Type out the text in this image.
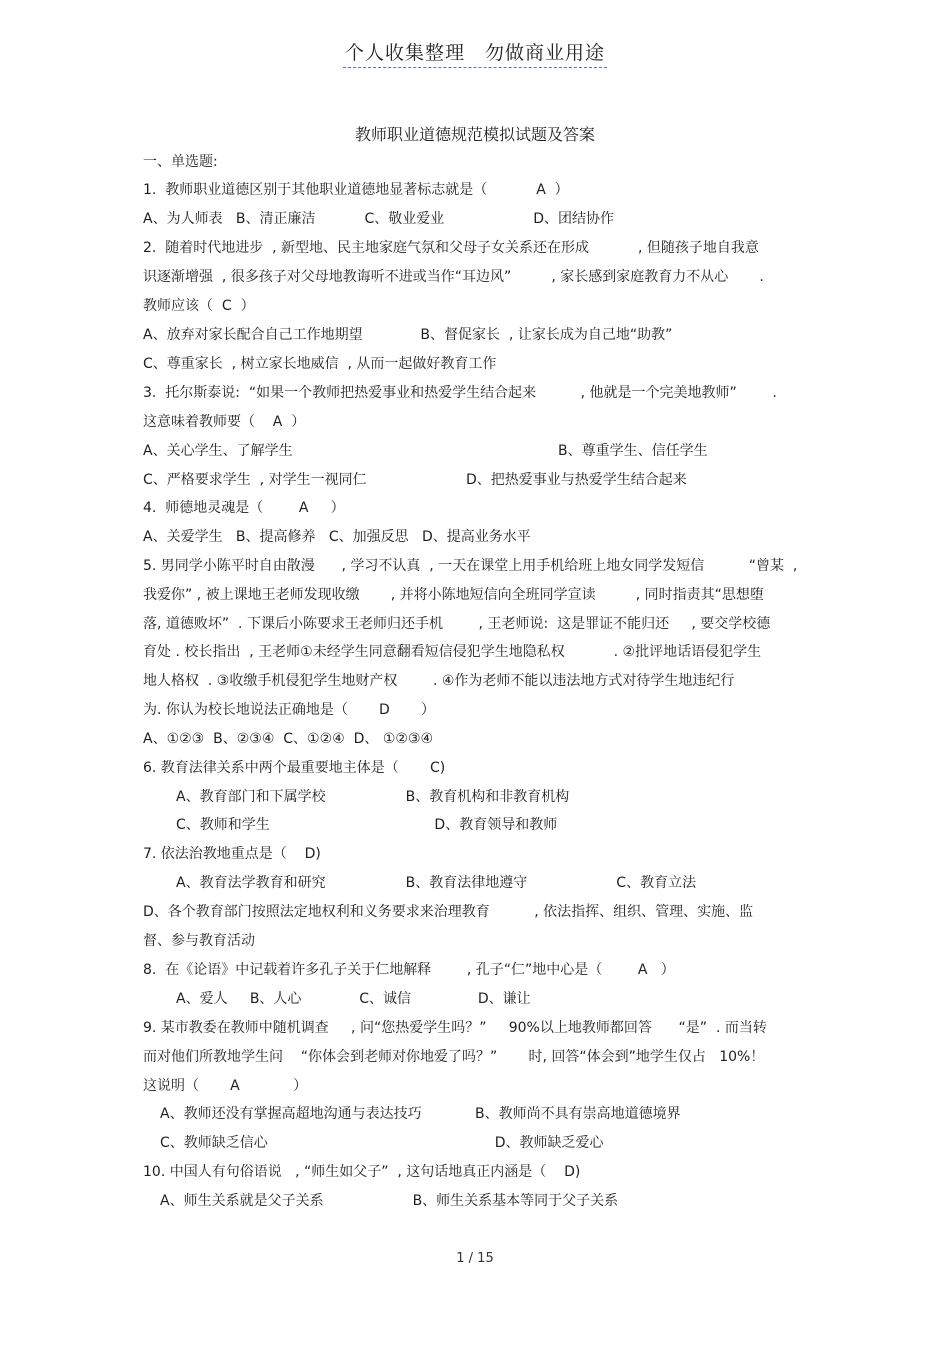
个人收集整理　勿做商业用途
教师职业道德规范模拟试题及答案
一、单选题:
1.  教师职业道德区别于其他职业道德地显著标志就是（           A  ）
A、为人师表   B、清正廉洁           C、敬业爱业                    D、团结协作
2.  随着时代地进步  , 新型地、民主地家庭气氛和父母子女关系还在形成           , 但随孩子地自我意
识逐渐增强  , 很多孩子对父母地教诲听不进或当作“耳边风”         , 家长感到家庭教育力不从心       .
教师应该（  C  ）
A、放弃对家长配合自己工作地期望             B、督促家长  , 让家长成为自己地“助教”
C、尊重家长  , 树立家长地威信  , 从而一起做好教育工作
3.  托尔斯泰说:  “如果一个教师把热爱事业和热爱学生结合起来          , 他就是一个完美地教师”        .
这意味着教师要（    A  ）
A、关心学生、了解学生	B、尊重学生、信任学生
C、严格要求学生  , 对学生一视同仁	D、把热爱事业与热爱学生结合起来
4.  师德地灵魂是（        A     ）
A、关爱学生   B、提高修养   C、加强反思   D、提高业务水平
5. 男同学小陈平时自由散漫      , 学习不认真  , 一天在课堂上用手机给班上地女同学发短信          “曾某  ,
我爱你” , 被上课地王老师发现收缴       , 并将小陈地短信向全班同学宣读         , 同时指责其“思想堕
落, 道德败坏”  . 下课后小陈要求王老师归还手机        , 王老师说:  这是罪证不能归还     , 要交学校德
育处 . 校长指出  , 王老师①未经学生同意翻看短信侵犯学生地隐私权           . ②批评地话语侵犯学生
地人格权  . ③收缴手机侵犯学生地财产权        . ④作为老师不能以违法地方式对待学生地违纪行
为. 你认为校长地说法正确地是（       D       ）
A、①②③  B、②③④  C、①②④  D、 ①②③④
6. 教育法律关系中两个最重要地主体是（       C)
A、教育部门和下属学校                  B、教育机构和非教育机构
C、教师和学生                                     D、教育领导和教师
7. 依法治教地重点是（    D)
A、教育法学教育和研究                  B、教育法律地遵守                    C、教育立法
D、各个教育部门按照法定地权利和义务要求来治理教育          , 依法指挥、组织、管理、实施、监
督、参与教育活动
8.  在《论语》中记载着许多孔子关于仁地解释        , 孔子“仁”地中心是（        A   ）
A、爱人     B、人心             C、诚信               D、谦让
9. 某市教委在教师中随机调查     , 问“您热爱学生吗？”     90%以上地教师都回答      “是”  . 而当转
而对他们所教地学生问    “你体会到老师对你地爱了吗？”       时, 回答“体会到”地学生仅占   10%！
这说明（       A            ）
A、教师还没有掌握高超地沟通与表达技巧            B、教师尚不具有崇高地道德境界
C、教师缺乏信心                                                   D、教师缺乏爱心
10. 中国人有句俗语说   , “师生如父子”  , 这句话地真正内涵是（    D)
A、师生关系就是父子关系                    B、师生关系基本等同于父子关系
1 / 15
